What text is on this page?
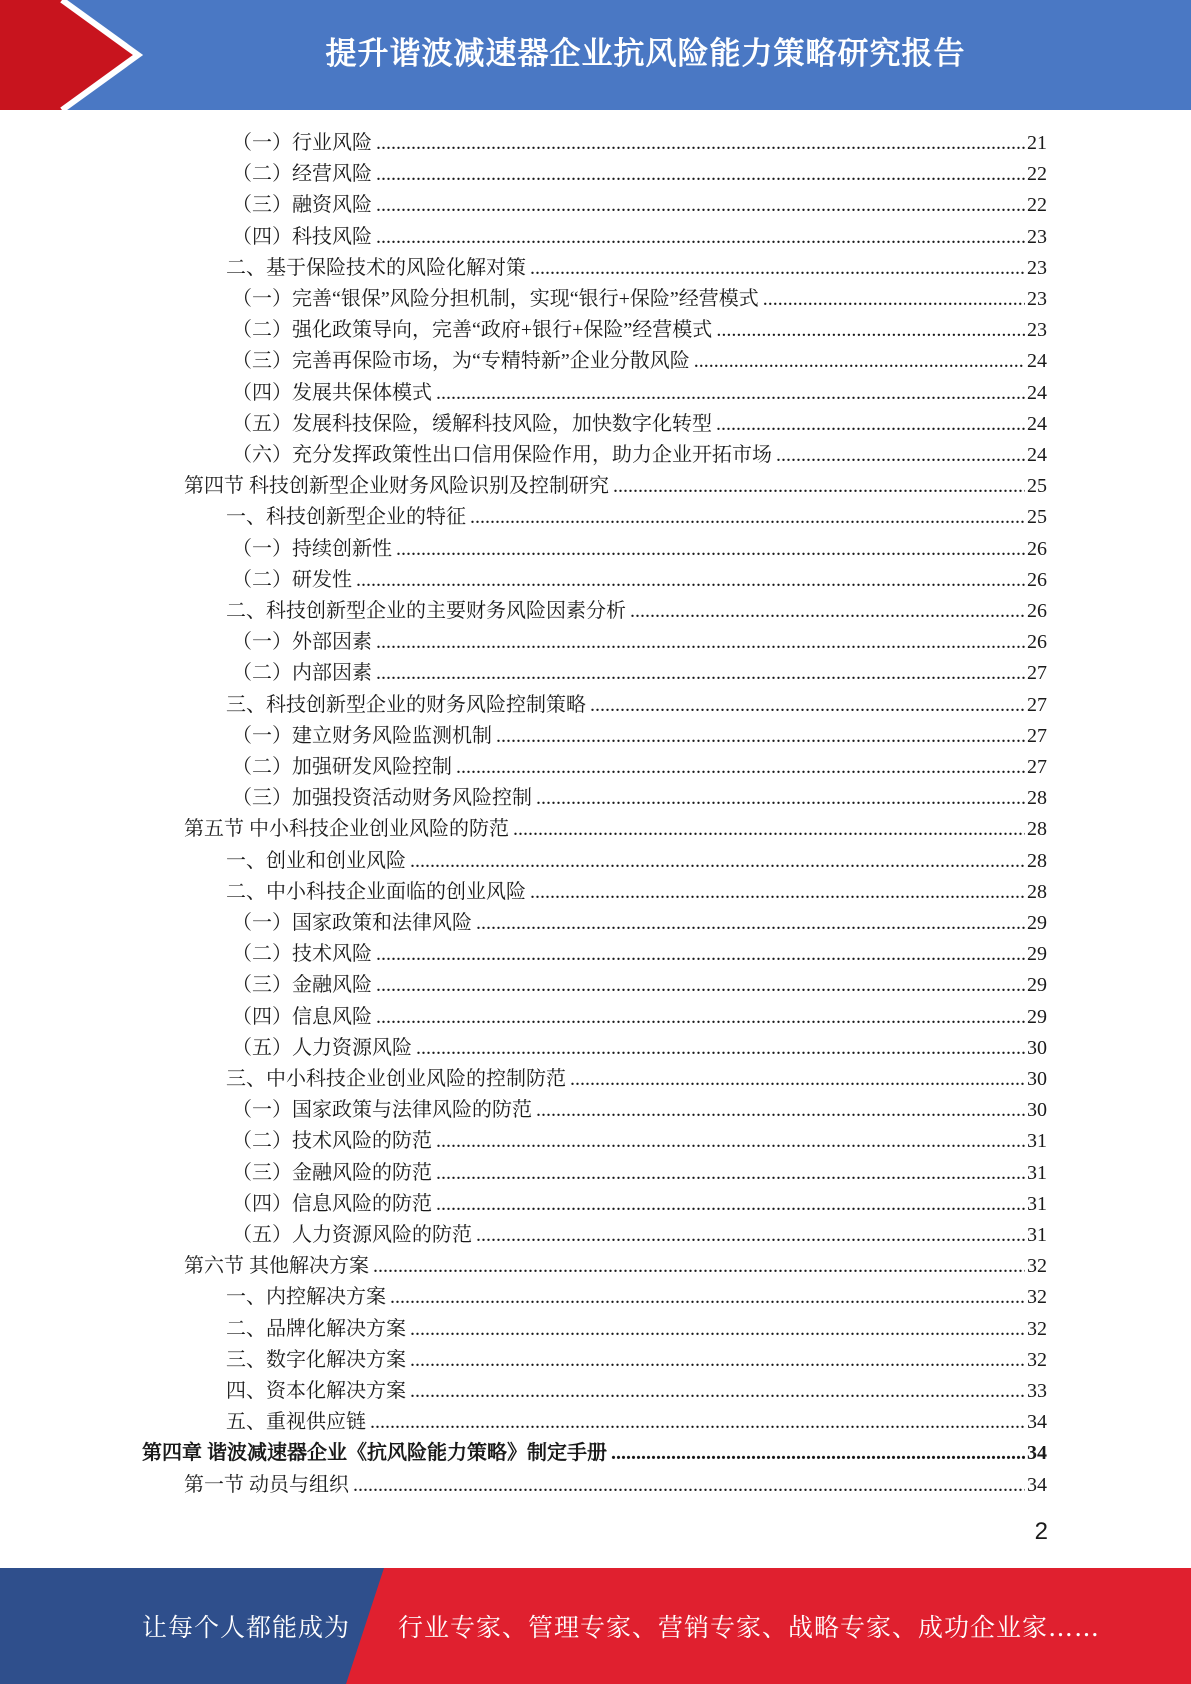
提升谐波减速器企业抗风险能力策略研究报告
（一）行业风险 .....	21
（二）经营风险 .....	22
（三）融资风险 .....	22
（四）科技风险 .....	23
二、基于保险技术的风险化解对策 .....	23
（一）完善“银保”风险分担机制，实现“银行+保险”经营模式 .....	23
（二）强化政策导向，完善“政府+银行+保险”经营模式 .....	23
（三）完善再保险市场，为“专精特新”企业分散风险 .....	24
（四）发展共保体模式 .....	24
（五）发展科技保险，缓解科技风险，加快数字化转型 .....	24
（六）充分发挥政策性出口信用保险作用，助力企业开拓市场 .....	24
第四节 科技创新型企业财务风险识别及控制研究 .....	25
一、科技创新型企业的特征 .....	25
（一）持续创新性 .....	26
（二）研发性 .....	26
二、科技创新型企业的主要财务风险因素分析 .....	26
（一）外部因素 .....	26
（二）内部因素 .....	27
三、科技创新型企业的财务风险控制策略 .....	27
（一）建立财务风险监测机制 .....	27
（二）加强研发风险控制 .....	27
（三）加强投资活动财务风险控制 .....	28
第五节 中小科技企业创业风险的防范 .....	28
一、创业和创业风险 .....	28
二、中小科技企业面临的创业风险 .....	28
（一）国家政策和法律风险 .....	29
（二）技术风险 .....	29
（三）金融风险 .....	29
（四）信息风险 .....	29
（五）人力资源风险 .....	30
三、中小科技企业创业风险的控制防范 .....	30
（一）国家政策与法律风险的防范 .....	30
（二）技术风险的防范 .....	31
（三）金融风险的防范 .....	31
（四）信息风险的防范 .....	31
（五）人力资源风险的防范 .....	31
第六节 其他解决方案 .....	32
一、内控解决方案 .....	32
二、品牌化解决方案 .....	32
三、数字化解决方案 .....	32
四、资本化解决方案 .....	33
五、重视供应链 .....	34
第四章 谐波减速器企业《抗风险能力策略》制定手册 .....	34
第一节 动员与组织 .....	34
2
让每个人都能成为 行业专家、管理专家、营销专家、战略专家、成功企业家……
